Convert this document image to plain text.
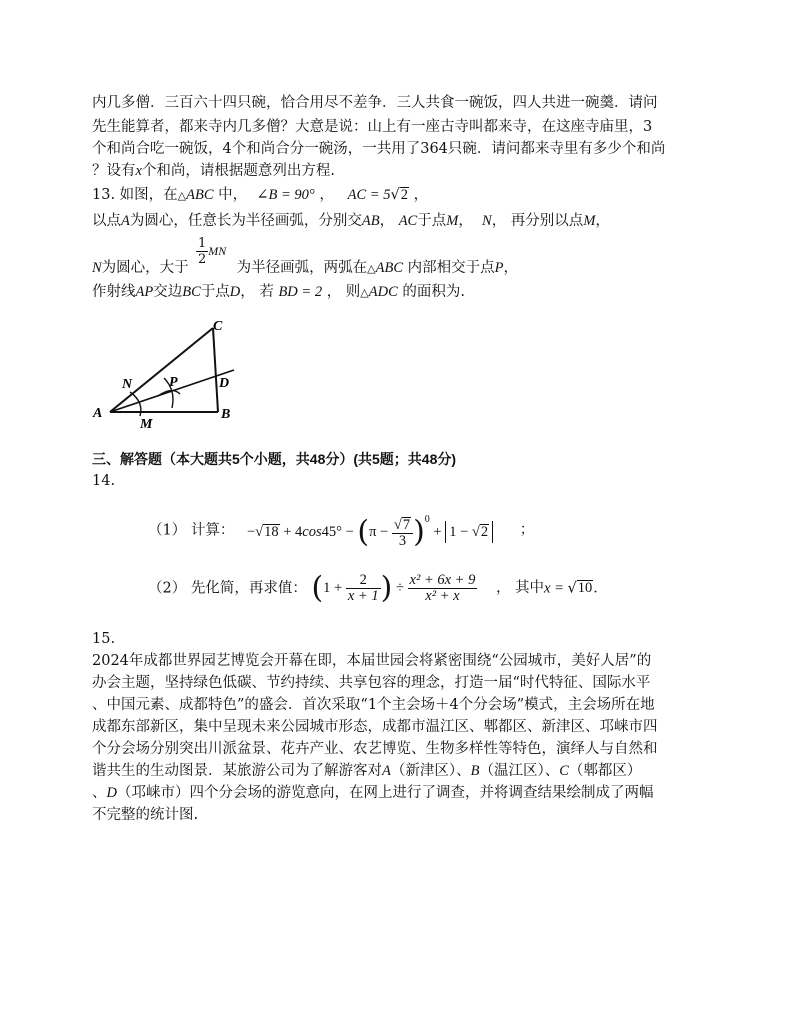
内几多僧．三百六十四只碗，恰合用尽不差争．三人共食一碗饭，四人共进一碗羹．请问
先生能算者，都来寺内几多僧？大意是说：山上有一座古寺叫都来寺，在这座寺庙里，3
个和尚合吃一碗饭，4个和尚合分一碗汤，一共用了364只碗．请问都来寺里有多少个和尚
？设有x个和尚，请根据题意列出方程.
13. 如图，在△ABC 中， ∠B = 90° ， AC = 5√2 ，
以点A为圆心，任意长为半径画弧，分别交AB， AC于点M， N， 再分别以点M，
$\frac{1}{2}$ MN
N为圆心，大于	为半径画弧，两弧在△ABC 内部相交于点P，
作射线AP交边BC于点D， 若 BD = 2 ， 则△ADC 的面积为.
A	B
C
D
M
N	P
三、解答题（本大题共5个小题，共48分）(共5题；共48分)
14.
（1） 计算： $-√18 + 4\cos 45^\circ - (\pi - \frac{√7}{3} )^0 + 1 - √2$ ；
（2） 先化简，再求值： ($1 + \frac{2}{x + 1}$ ) ÷ $\frac{\text{x² + 6x + 9}}{\text{x² + x}}$ ， 其中x = √10．
15.
2024年成都世界园艺博览会开幕在即，本届世园会将紧密围绕“公园城市，美好人居”的
办会主题，坚持绿色低碳、节约持续、共享包容的理念，打造一届“时代特征、国际水平
、中国元素、成都特色”的盛会．首次采取“1个主会场＋4个分会场”模式，主会场所在地
成都东部新区，集中呈现未来公园城市形态，成都市温江区、郫都区、新津区、邛崃市四
个分会场分别突出川派盆景、花卉产业、农艺博览、生物多样性等特色，演绎人与自然和
谐共生的生动图景．某旅游公司为了解游客对A（新津区）、B（温江区）、C（郫都区）
、D（邛崃市）四个分会场的游览意向，在网上进行了调查，并将调查结果绘制成了两幅
不完整的统计图.
